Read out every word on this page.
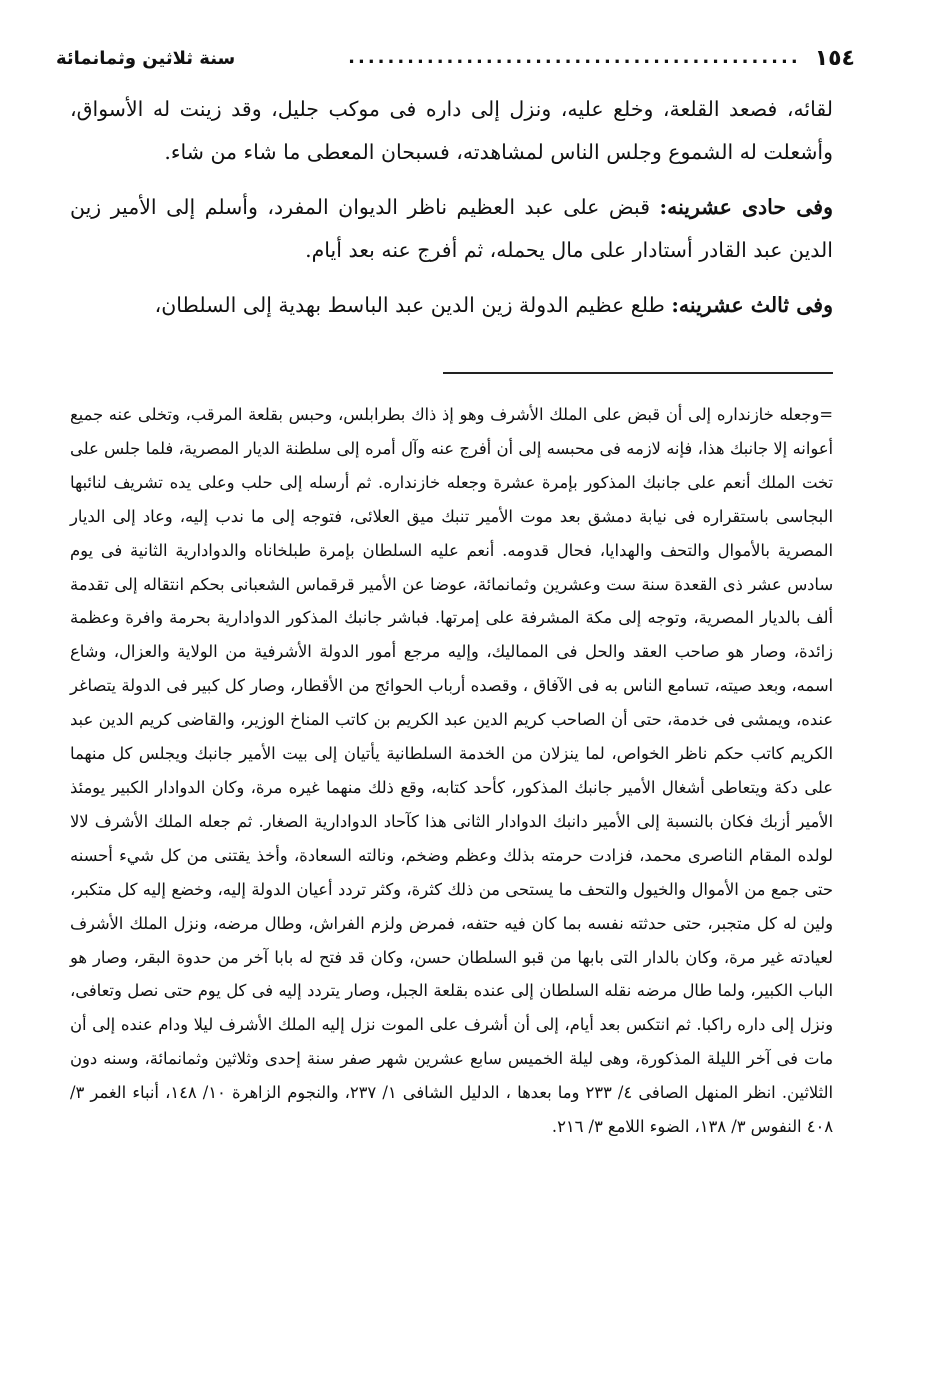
١٥٤
..............................................
سنة ثلاثين وثمانمائة

لقائه، فصعد القلعة، وخلع عليه، ونزل إلى داره فى موكب جليل، وقد زينت له الأسواق، وأشعلت له الشموع وجلس الناس لمشاهدته، فسبحان المعطى ما شاء من شاء.

وفى حادى عشرينه: قبض على عبد العظيم ناظر الديوان المفرد، وأسلم إلى الأمير زين الدين عبد القادر أستادار على مال يحمله، ثم أفرج عنه بعد أيام.

وفى ثالث عشرينه: طلع عظيم الدولة زين الدين عبد الباسط بهدية إلى السلطان،

=وجعله خازنداره إلى أن قبض على الملك الأشرف وهو إذ ذاك بطرابلس، وحبس بقلعة المرقب، وتخلى عنه جميع أعوانه إلا جانبك هذا، فإنه لازمه فى محبسه إلى أن أفرج عنه وآل أمره إلى سلطنة الديار المصرية، فلما جلس على تخت الملك أنعم على جانبك المذكور بإمرة عشرة وجعله خازنداره. ثم أرسله إلى حلب وعلى يده تشريف لنائبها البجاسى باستقراره فى نيابة دمشق بعد موت الأمير تنبك ميق العلائى، فتوجه إلى ما ندب إليه، وعاد إلى الديار المصرية بالأموال والتحف والهدايا، فحال قدومه. أنعم عليه السلطان بإمرة طبلخاناه والدوادارية الثانية فى يوم سادس عشر ذى القعدة سنة ست وعشرين وثمانمائة، عوضا عن الأمير قرقماس الشعبانى بحكم انتقاله إلى تقدمة ألف بالديار المصرية، وتوجه إلى مكة المشرفة على إمرتها. فباشر جانبك المذكور الدوادارية بحرمة وافرة وعظمة زائدة، وصار هو صاحب العقد والحل فى المماليك، وإليه مرجع أمور الدولة الأشرفية من الولاية والعزال، وشاع اسمه، وبعد صيته، تسامع الناس به فى الآفاق ، وقصده أرباب الحوائج من الأقطار، وصار كل كبير فى الدولة يتصاغر عنده، ويمشى فى خدمة، حتى أن الصاحب كريم الدين عبد الكريم بن كاتب المناخ الوزير، والقاضى كريم الدين عبد الكريم كاتب حكم ناظر الخواص، لما ينزلان من الخدمة السلطانية يأتيان إلى بيت الأمير جانبك ويجلس كل منهما على دكة ويتعاطى أشغال الأمير جانبك المذكور، كأحد كتابه، وقع ذلك منهما غيره مرة، وكان الدوادار الكبير يومئذ الأمير أزبك فكان بالنسبة إلى الأمير دانبك الدوادار الثانى هذا كآحاد الدوادارية الصغار. ثم جعله الملك الأشرف لالا لولده المقام الناصرى محمد، فزادت حرمته بذلك وعظم وضخم، ونالته السعادة، وأخذ يقتنى من كل شيء أحسنه حتى جمع من الأموال والخيول والتحف ما يستحى من ذلك كثرة، وكثر تردد أعيان الدولة إليه، وخضع إليه كل متكبر، ولين له كل متجبر، حتى حدثته نفسه بما كان فيه حتفه، فمرض ولزم الفراش، وطال مرضه، ونزل الملك الأشرف لعيادته غير مرة، وكان بالدار التى بابها من قبو السلطان حسن، وكان قد فتح له بابا آخر من حدوة البقر، وصار هو الباب الكبير، ولما طال مرضه نقله السلطان إلى عنده بقلعة الجبل، وصار يتردد إليه فى كل يوم حتى نصل وتعافى، ونزل إلى داره راكبا. ثم انتكس بعد أيام، إلى أن أشرف على الموت نزل إليه الملك الأشرف ليلا ودام عنده إلى أن مات فى آخر الليلة المذكورة، وهى ليلة الخميس سابع عشرين شهر صفر سنة إحدى وثلاثين وثمانمائة، وسنه دون الثلاثين. انظر المنهل الصافى ٤/ ٢٣٣ وما بعدها ، الدليل الشافى ١/ ٢٣٧، والنجوم الزاهرة ١٠/ ١٤٨، أنباء الغمر ٣/ ٤٠٨ النفوس ٣/ ١٣٨، الضوء اللامع ٣/ ٢١٦.
